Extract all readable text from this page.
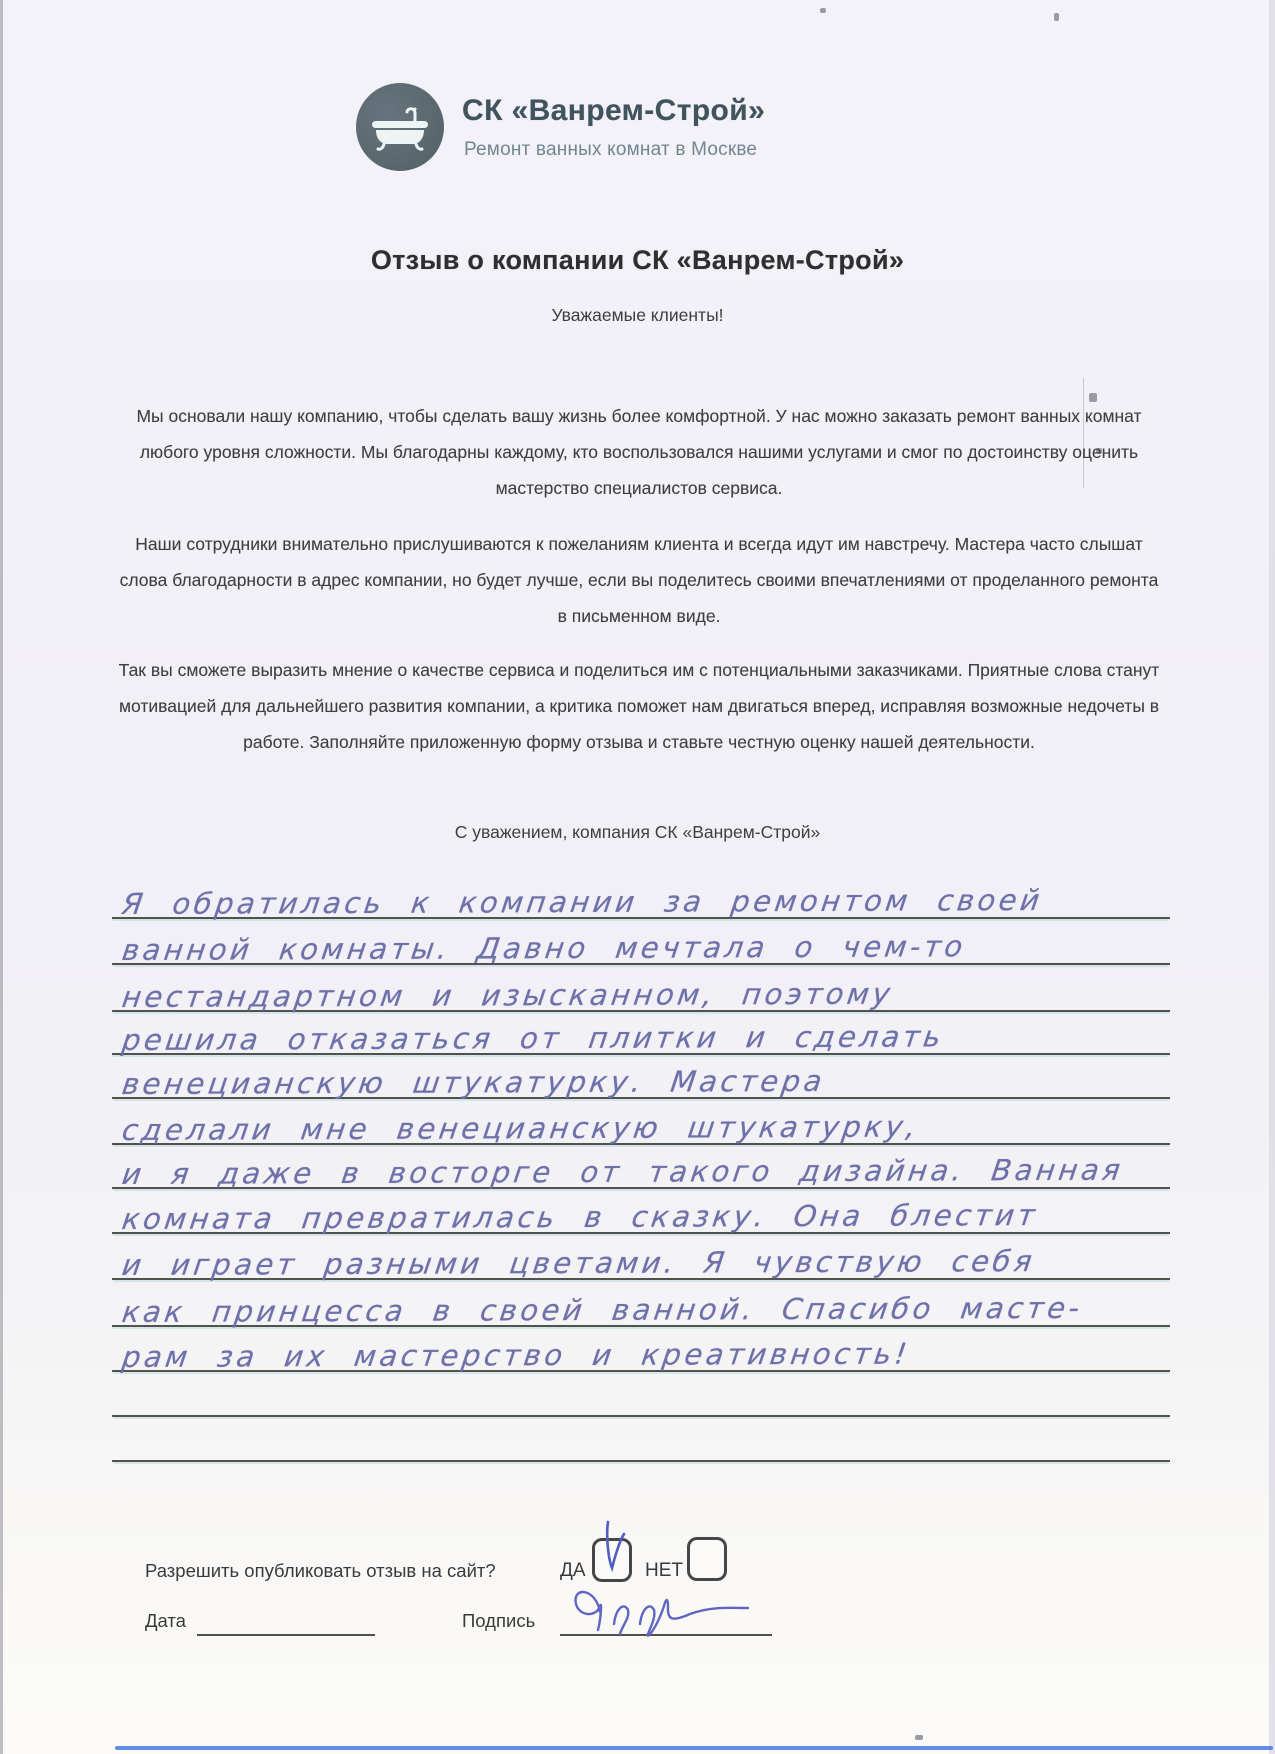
СК «Ванрем-Строй»
Ремонт ванных комнат в Москве
Отзыв о компании СК «Ванрем-Строй»
Уважаемые клиенты!

Мы основали нашу компанию, чтобы сделать вашу жизнь более комфортной. У нас можно заказать ремонт ванных комнат любого уровня сложности. Мы благодарны каждому, кто воспользовался нашими услугами и смог по достоинству оценить мастерство специалистов сервиса.

Наши сотрудники внимательно прислушиваются к пожеланиям клиента и всегда идут им навстречу. Мастера часто слышат слова благодарности в адрес компании, но будет лучше, если вы поделитесь своими впечатлениями от проделанного ремонта в письменном виде.

Так вы сможете выразить мнение о качестве сервиса и поделиться им с потенциальными заказчиками. Приятные слова станут мотивацией для дальнейшего развития компании, а критика поможет нам двигаться вперед, исправляя возможные недочеты в работе. Заполняйте приложенную форму отзыва и ставьте честную оценку нашей деятельности.

С уважением, компания СК «Ванрем-Строй»
Я обратилась к компании за ремонтом своей
ванной комнаты. Давно мечтала о чем-то
нестандартном и изысканном, поэтому
решила отказаться от плитки и сделать
венецианскую штукатурку. Мастера
сделали мне венецианскую штукатурку,
и я даже в восторге от такого дизайна. Ванная
комната превратилась в сказку. Она блестит
и играет разными цветами. Я чувствую себя
как принцесса в своей ванной. Спасибо масте-
рам за их мастерство и креативность!
Разрешить опубликовать отзыв на сайт?	ДА	НЕТ
Дата	Подпись
